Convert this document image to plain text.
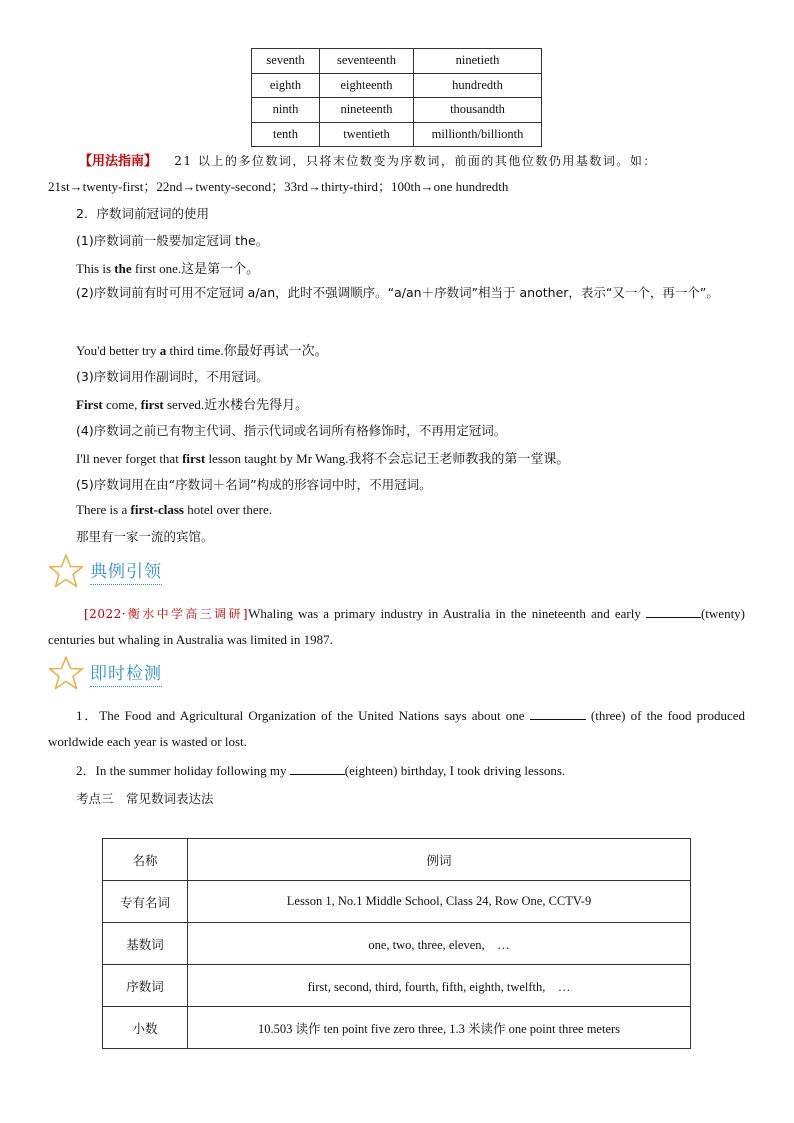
seventh	seventeenth	ninetieth
eighth	eighteenth	hundredth
ninth	nineteenth	thousandth
tenth	twentieth	millionth/billionth
【用法指南】 21 以上的多位数词，只将末位数变为序数词，前面的其他位数仍用基数词。如：
21st→twenty-first；22nd→twenty-second；33rd→thirty-third；100th→one hundredth
2．序数词前冠词的使用
(1)序数词前一般要加定冠词 the。
This is the first one.这是第一个。
(2)序数词前有时可用不定冠词 a/an，此时不强调顺序。“a/an＋序数词”相当于 another，表示“又一个，再一个”。
You'd better try a third time.你最好再试一次。
(3)序数词用作副词时，不用冠词。
First come, first served.近水楼台先得月。
(4)序数词之前已有物主代词、指示代词或名词所有格修饰时，不再用定冠词。
I'll never forget that first lesson taught by Mr Wang.我将不会忘记王老师教我的第一堂课。
(5)序数词用在由“序数词＋名词”构成的形容词中时，不用冠词。
There is a first-class hotel over there.
那里有一家一流的宾馆。
典例引领
[2022·衡水中学高三调研]Whaling was a primary industry in Australia in the nineteenth and early	(twenty) centuries but whaling in Australia was limited in 1987.
即时检测
1．The Food and Agricultural Organization of the United Nations says about one	(three) of the food produced worldwide each year is wasted or lost.
2．In the summer holiday following my	(eighteen) birthday, I took driving lessons.
考点三　常见数词表达法
名称	例词
专有名词	Lesson 1, No.1 Middle School, Class 24, Row One, CCTV-9
基数词	one, two, three, eleven,　…
序数词	first, second, third, fourth, fifth, eighth, twelfth,　…
小数	10.503 读作 ten point five zero three, 1.3 米读作 one point three meters
